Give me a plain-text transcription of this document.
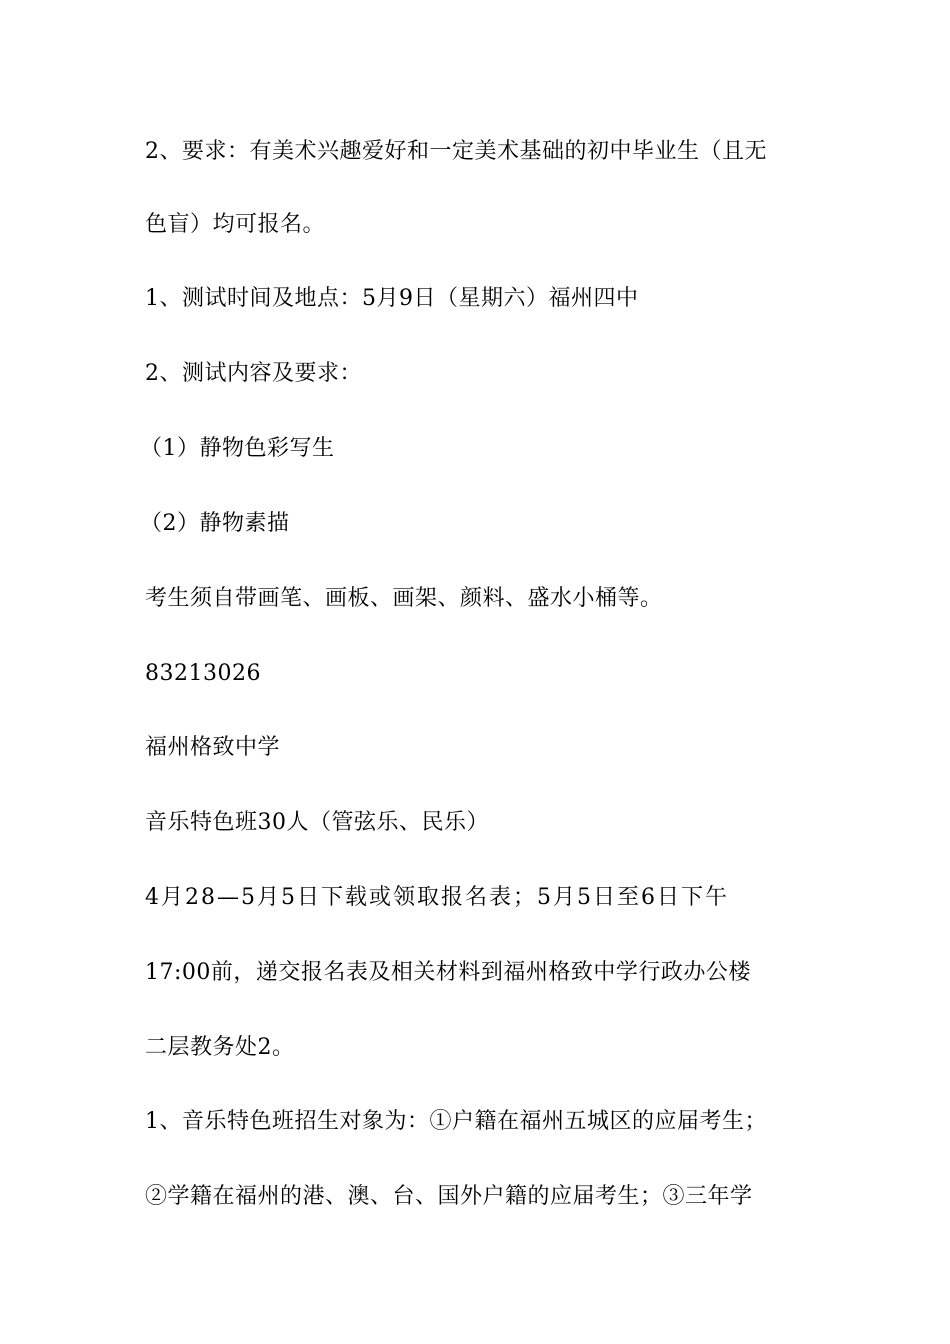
2、要求：有美术兴趣爱好和一定美术基础的初中毕业生（且无
色盲）均可报名。
1、测试时间及地点：5月9日（星期六）福州四中
2、测试内容及要求：
（1）静物色彩写生
（2）静物素描
考生须自带画笔、画板、画架、颜料、盛水小桶等。
83213026
福州格致中学
音乐特色班30人（管弦乐、民乐）
4月28—5月5日下载或领取报名表；5月5日至6日下午
17:00前，递交报名表及相关材料到福州格致中学行政办公楼
二层教务处2。
1、音乐特色班招生对象为：①户籍在福州五城区的应届考生；
②学籍在福州的港、澳、台、国外户籍的应届考生；③三年学
